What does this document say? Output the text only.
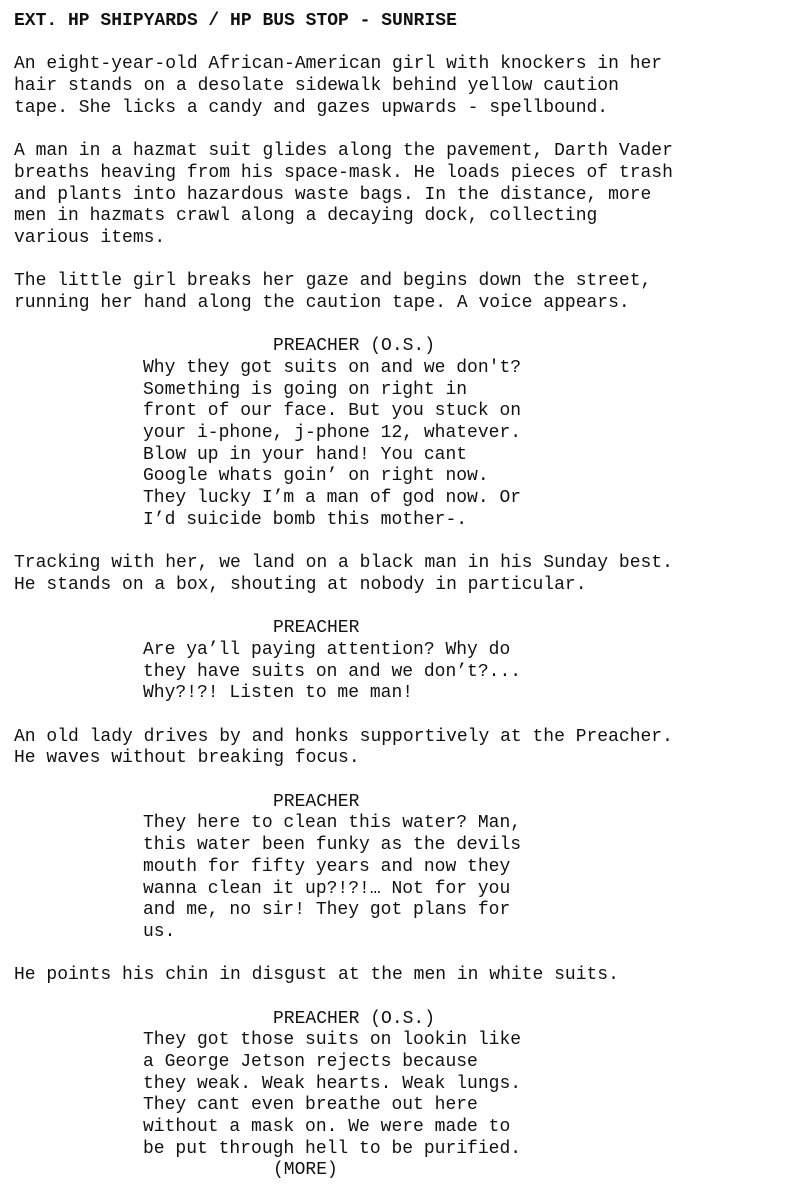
EXT. HP SHIPYARDS / HP BUS STOP - SUNRISE
An eight-year-old African-American girl with knockers in her
hair stands on a desolate sidewalk behind yellow caution
tape. She licks a candy and gazes upwards - spellbound.
A man in a hazmat suit glides along the pavement, Darth Vader
breaths heaving from his space-mask. He loads pieces of trash
and plants into hazardous waste bags. In the distance, more
men in hazmats crawl along a decaying dock, collecting
various items.
The little girl breaks her gaze and begins down the street,
running her hand along the caution tape. A voice appears.
PREACHER (O.S.)
Why they got suits on and we don't?
Something is going on right in
front of our face. But you stuck on
your i-phone, j-phone 12, whatever.
Blow up in your hand! You cant
Google whats goin’ on right now.
They lucky I’m a man of god now. Or
I’d suicide bomb this mother-.
Tracking with her, we land on a black man in his Sunday best.
He stands on a box, shouting at nobody in particular.
PREACHER
Are ya’ll paying attention? Why do
they have suits on and we don’t?...
Why?!?! Listen to me man!
An old lady drives by and honks supportively at the Preacher.
He waves without breaking focus.
PREACHER
They here to clean this water? Man,
this water been funky as the devils
mouth for fifty years and now they
wanna clean it up?!?!… Not for you
and me, no sir! They got plans for
us.
He points his chin in disgust at the men in white suits.
PREACHER (O.S.)
They got those suits on lookin like
a George Jetson rejects because
they weak. Weak hearts. Weak lungs.
They cant even breathe out here
without a mask on. We were made to
be put through hell to be purified.
(MORE)
